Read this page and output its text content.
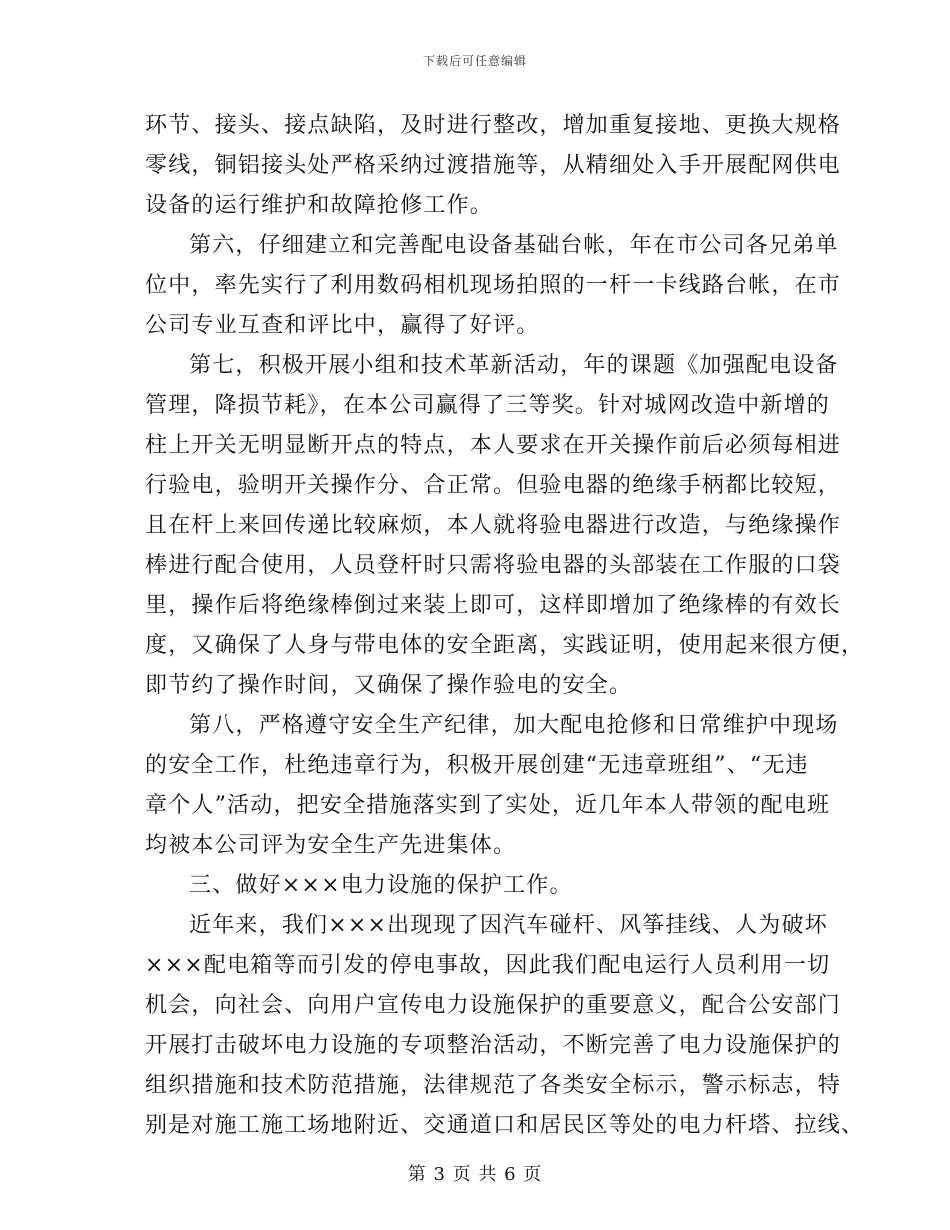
下载后可任意编辑
环节、接头、接点缺陷，及时进行整改，增加重复接地、更换大规格
零线，铜铝接头处严格采纳过渡措施等，从精细处入手开展配网供电
设备的运行维护和故障抢修工作。
第六，仔细建立和完善配电设备基础台帐，年在市公司各兄弟单
位中，率先实行了利用数码相机现场拍照的一杆一卡线路台帐，在市
公司专业互查和评比中，赢得了好评。
第七，积极开展小组和技术革新活动，年的课题《加强配电设备
管理，降损节耗》，在本公司赢得了三等奖。针对城网改造中新增的
柱上开关无明显断开点的特点，本人要求在开关操作前后必须每相进
行验电，验明开关操作分、合正常。但验电器的绝缘手柄都比较短，
且在杆上来回传递比较麻烦，本人就将验电器进行改造，与绝缘操作
棒进行配合使用，人员登杆时只需将验电器的头部装在工作服的口袋
里，操作后将绝缘棒倒过来装上即可，这样即增加了绝缘棒的有效长
度，又确保了人身与带电体的安全距离，实践证明，使用起来很方便，
即节约了操作时间，又确保了操作验电的安全。
第八，严格遵守安全生产纪律，加大配电抢修和日常维护中现场
的安全工作，杜绝违章行为，积极开展创建“无违章班组”、“无违
章个人”活动，把安全措施落实到了实处，近几年本人带领的配电班
均被本公司评为安全生产先进集体。
三、做好×××电力设施的保护工作。
近年来，我们×××出现现了因汽车碰杆、风筝挂线、人为破坏
×××配电箱等而引发的停电事故，因此我们配电运行人员利用一切
机会，向社会、向用户宣传电力设施保护的重要意义，配合公安部门
开展打击破坏电力设施的专项整治活动，不断完善了电力设施保护的
组织措施和技术防范措施，法律规范了各类安全标示，警示标志，特
别是对施工施工场地附近、交通道口和居民区等处的电力杆塔、拉线、
第 3 页 共 6 页
